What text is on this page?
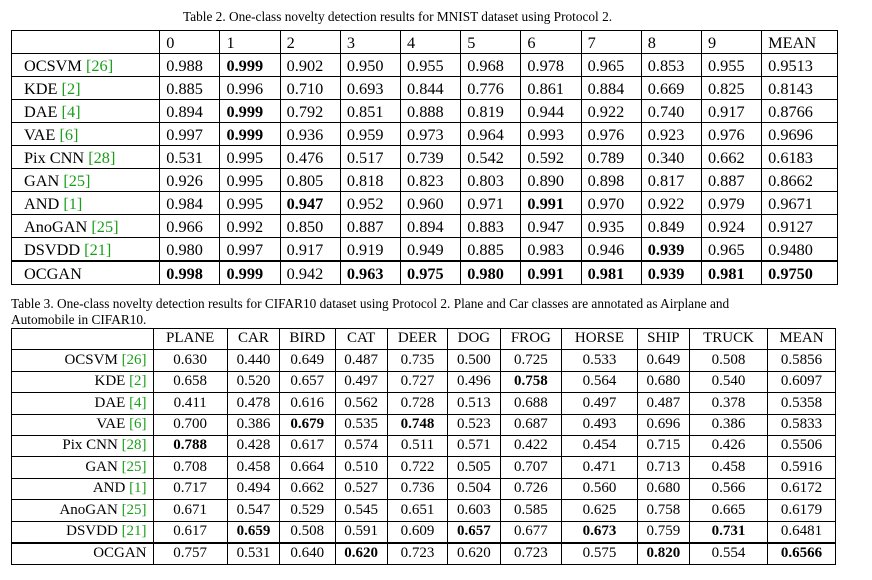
Table 2. One-class novelty detection results for MNIST dataset using Protocol 2.
	0	1	2	3	4	5	6	7	8	9	MEAN
OCSVM [26]	0.988	0.999	0.902	0.950	0.955	0.968	0.978	0.965	0.853	0.955	0.9513
KDE [2]	0.885	0.996	0.710	0.693	0.844	0.776	0.861	0.884	0.669	0.825	0.8143
DAE [4]	0.894	0.999	0.792	0.851	0.888	0.819	0.944	0.922	0.740	0.917	0.8766
VAE [6]	0.997	0.999	0.936	0.959	0.973	0.964	0.993	0.976	0.923	0.976	0.9696
Pix CNN [28]	0.531	0.995	0.476	0.517	0.739	0.542	0.592	0.789	0.340	0.662	0.6183
GAN [25]	0.926	0.995	0.805	0.818	0.823	0.803	0.890	0.898	0.817	0.887	0.8662
AND [1]	0.984	0.995	0.947	0.952	0.960	0.971	0.991	0.970	0.922	0.979	0.9671
AnoGAN [25]	0.966	0.992	0.850	0.887	0.894	0.883	0.947	0.935	0.849	0.924	0.9127
DSVDD [21]	0.980	0.997	0.917	0.919	0.949	0.885	0.983	0.946	0.939	0.965	0.9480
OCGAN	0.998	0.999	0.942	0.963	0.975	0.980	0.991	0.981	0.939	0.981	0.9750
Table 3. One-class novelty detection results for CIFAR10 dataset using Protocol 2. Plane and Car classes are annotated as Airplane and
Automobile in CIFAR10.
	PLANE	CAR	BIRD	CAT	DEER	DOG	FROG	HORSE	SHIP	TRUCK	MEAN
OCSVM [26]	0.630	0.440	0.649	0.487	0.735	0.500	0.725	0.533	0.649	0.508	0.5856
KDE [2]	0.658	0.520	0.657	0.497	0.727	0.496	0.758	0.564	0.680	0.540	0.6097
DAE [4]	0.411	0.478	0.616	0.562	0.728	0.513	0.688	0.497	0.487	0.378	0.5358
VAE [6]	0.700	0.386	0.679	0.535	0.748	0.523	0.687	0.493	0.696	0.386	0.5833
Pix CNN [28]	0.788	0.428	0.617	0.574	0.511	0.571	0.422	0.454	0.715	0.426	0.5506
GAN [25]	0.708	0.458	0.664	0.510	0.722	0.505	0.707	0.471	0.713	0.458	0.5916
AND [1]	0.717	0.494	0.662	0.527	0.736	0.504	0.726	0.560	0.680	0.566	0.6172
AnoGAN [25]	0.671	0.547	0.529	0.545	0.651	0.603	0.585	0.625	0.758	0.665	0.6179
DSVDD [21]	0.617	0.659	0.508	0.591	0.609	0.657	0.677	0.673	0.759	0.731	0.6481
OCGAN	0.757	0.531	0.640	0.620	0.723	0.620	0.723	0.575	0.820	0.554	0.6566
